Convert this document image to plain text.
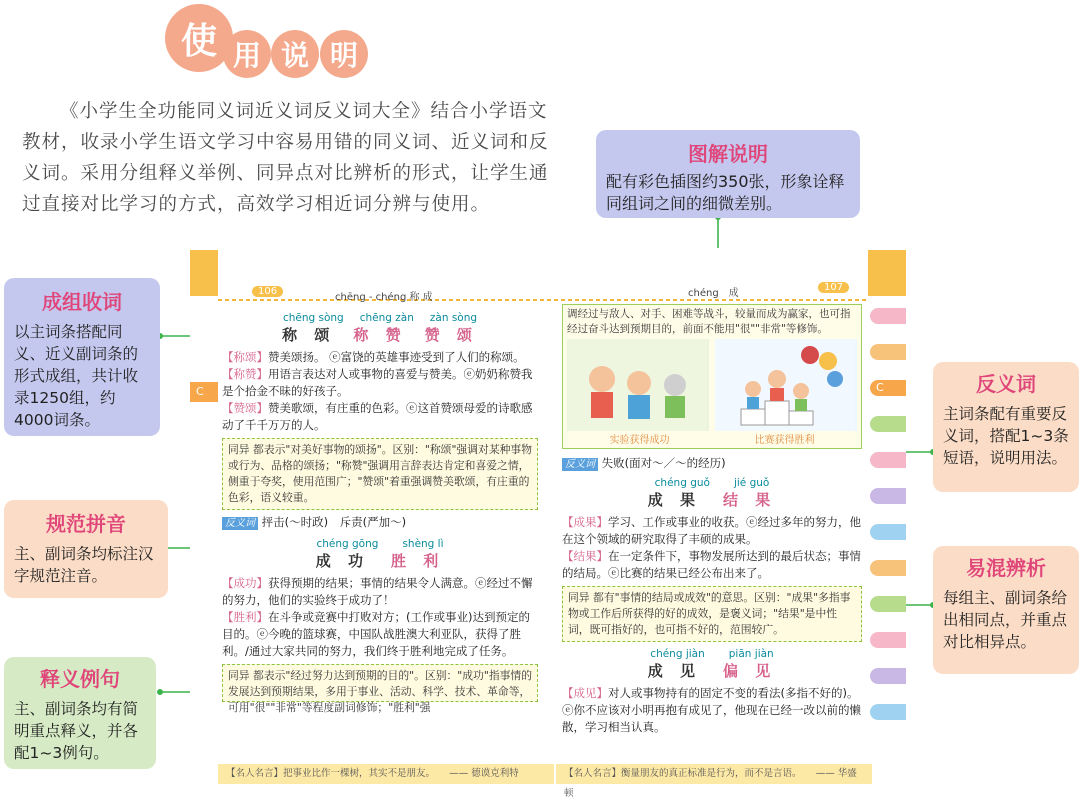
使 用 说 明
《小学生全功能同义词近义词反义词大全》结合小学语文教材，收录小学生语文学习中容易用错的同义词、近义词和反义词。采用分组释义举例、同异点对比辨析的形式，让学生通过直接对比学习的方式，高效学习相近词分辨与使用。
成组收词
以主词条搭配同义、近义副词条的形式成组，共计收录1250组，约4000词条。
规范拼音
主、副词条均标注汉字规范注音。
释义例句
主、副词条均有简明重点释义，并各配1~3例句。
图解说明
配有彩色插图约350张，形象诠释同组词之间的细微差别。
反义词
主词条配有重要反义词，搭配1~3条短语，说明用法。
易混辨析
每组主、副词条给出相同点，并重点对比相异点。
106
chēng - chéng 称 成	chéng　成
107
C
chēng sòng chēng zàn zàn sòng
称 颂 称 赞 赞 颂
【称颂】赞美颂扬。 ⓔ富饶的英雄事迹受到了人们的称颂。
【称赞】用语言表达对人或事物的喜爱与赞美。ⓔ奶奶称赞我是个拾金不昧的好孩子。
【赞颂】赞美歌颂，有庄重的色彩。ⓔ这首赞颂母爱的诗歌感动了千千万万的人。
同异 都表示"对美好事物的颂扬"。区别："称颂"强调对某种事物或行为、品格的颂扬；"称赞"强调用言辞表达肯定和喜爱之情，侧重于夸奖，使用范围广；"赞颂"着重强调赞美歌颂，有庄重的色彩，语义较重。
反义词 抨击(～时政)　斥责(严加～)
chéng gōng shèng lì
成 功 胜 利
【成功】获得预期的结果；事情的结果令人满意。ⓔ经过不懈的努力，他们的实验终于成功了！
【胜利】在斗争或竞赛中打败对方；(工作或事业)达到预定的目的。ⓔ今晚的篮球赛，中国队战胜澳大利亚队，获得了胜利。/通过大家共同的努力，我们终于胜利地完成了任务。
同异 都表示"经过努力达到预期的目的"。区别："成功"指事情的发展达到预期结果，多用于事业、活动、科学、技术、革命等，可用"很""非常"等程度副词修饰；"胜利"强
【名人名言】把事业比作一棵树，其实不是朋友。　　—— 德谟克利特
调经过与敌人、对手、困难等战斗，较量而成为赢家，也可指经过奋斗达到预期目的，前面不能用"很""非常"等修饰。
实验获得成功	比赛获得胜利
反义词 失败(面对～／～的经历)
chéng guǒ jié guǒ
成 果 结 果
【成果】学习、工作或事业的收获。ⓔ经过多年的努力，他在这个领域的研究取得了丰硕的成果。
【结果】在一定条件下，事物发展所达到的最后状态；事情的结局。ⓔ比赛的结果已经公布出来了。
同异 都有"事情的结局或成效"的意思。区别："成果"多指事物或工作后所获得的好的成效，是褒义词；"结果"是中性词，既可指好的，也可指不好的，范围较广。
chéng jiàn piān jiàn
成 见 偏 见
【成见】对人或事物持有的固定不变的看法(多指不好的)。ⓔ你不应该对小明再抱有成见了，他现在已经一改以前的懒散，学习相当认真。
【名人名言】衡量朋友的真正标准是行为，而不是言语。　　—— 华盛顿
C
